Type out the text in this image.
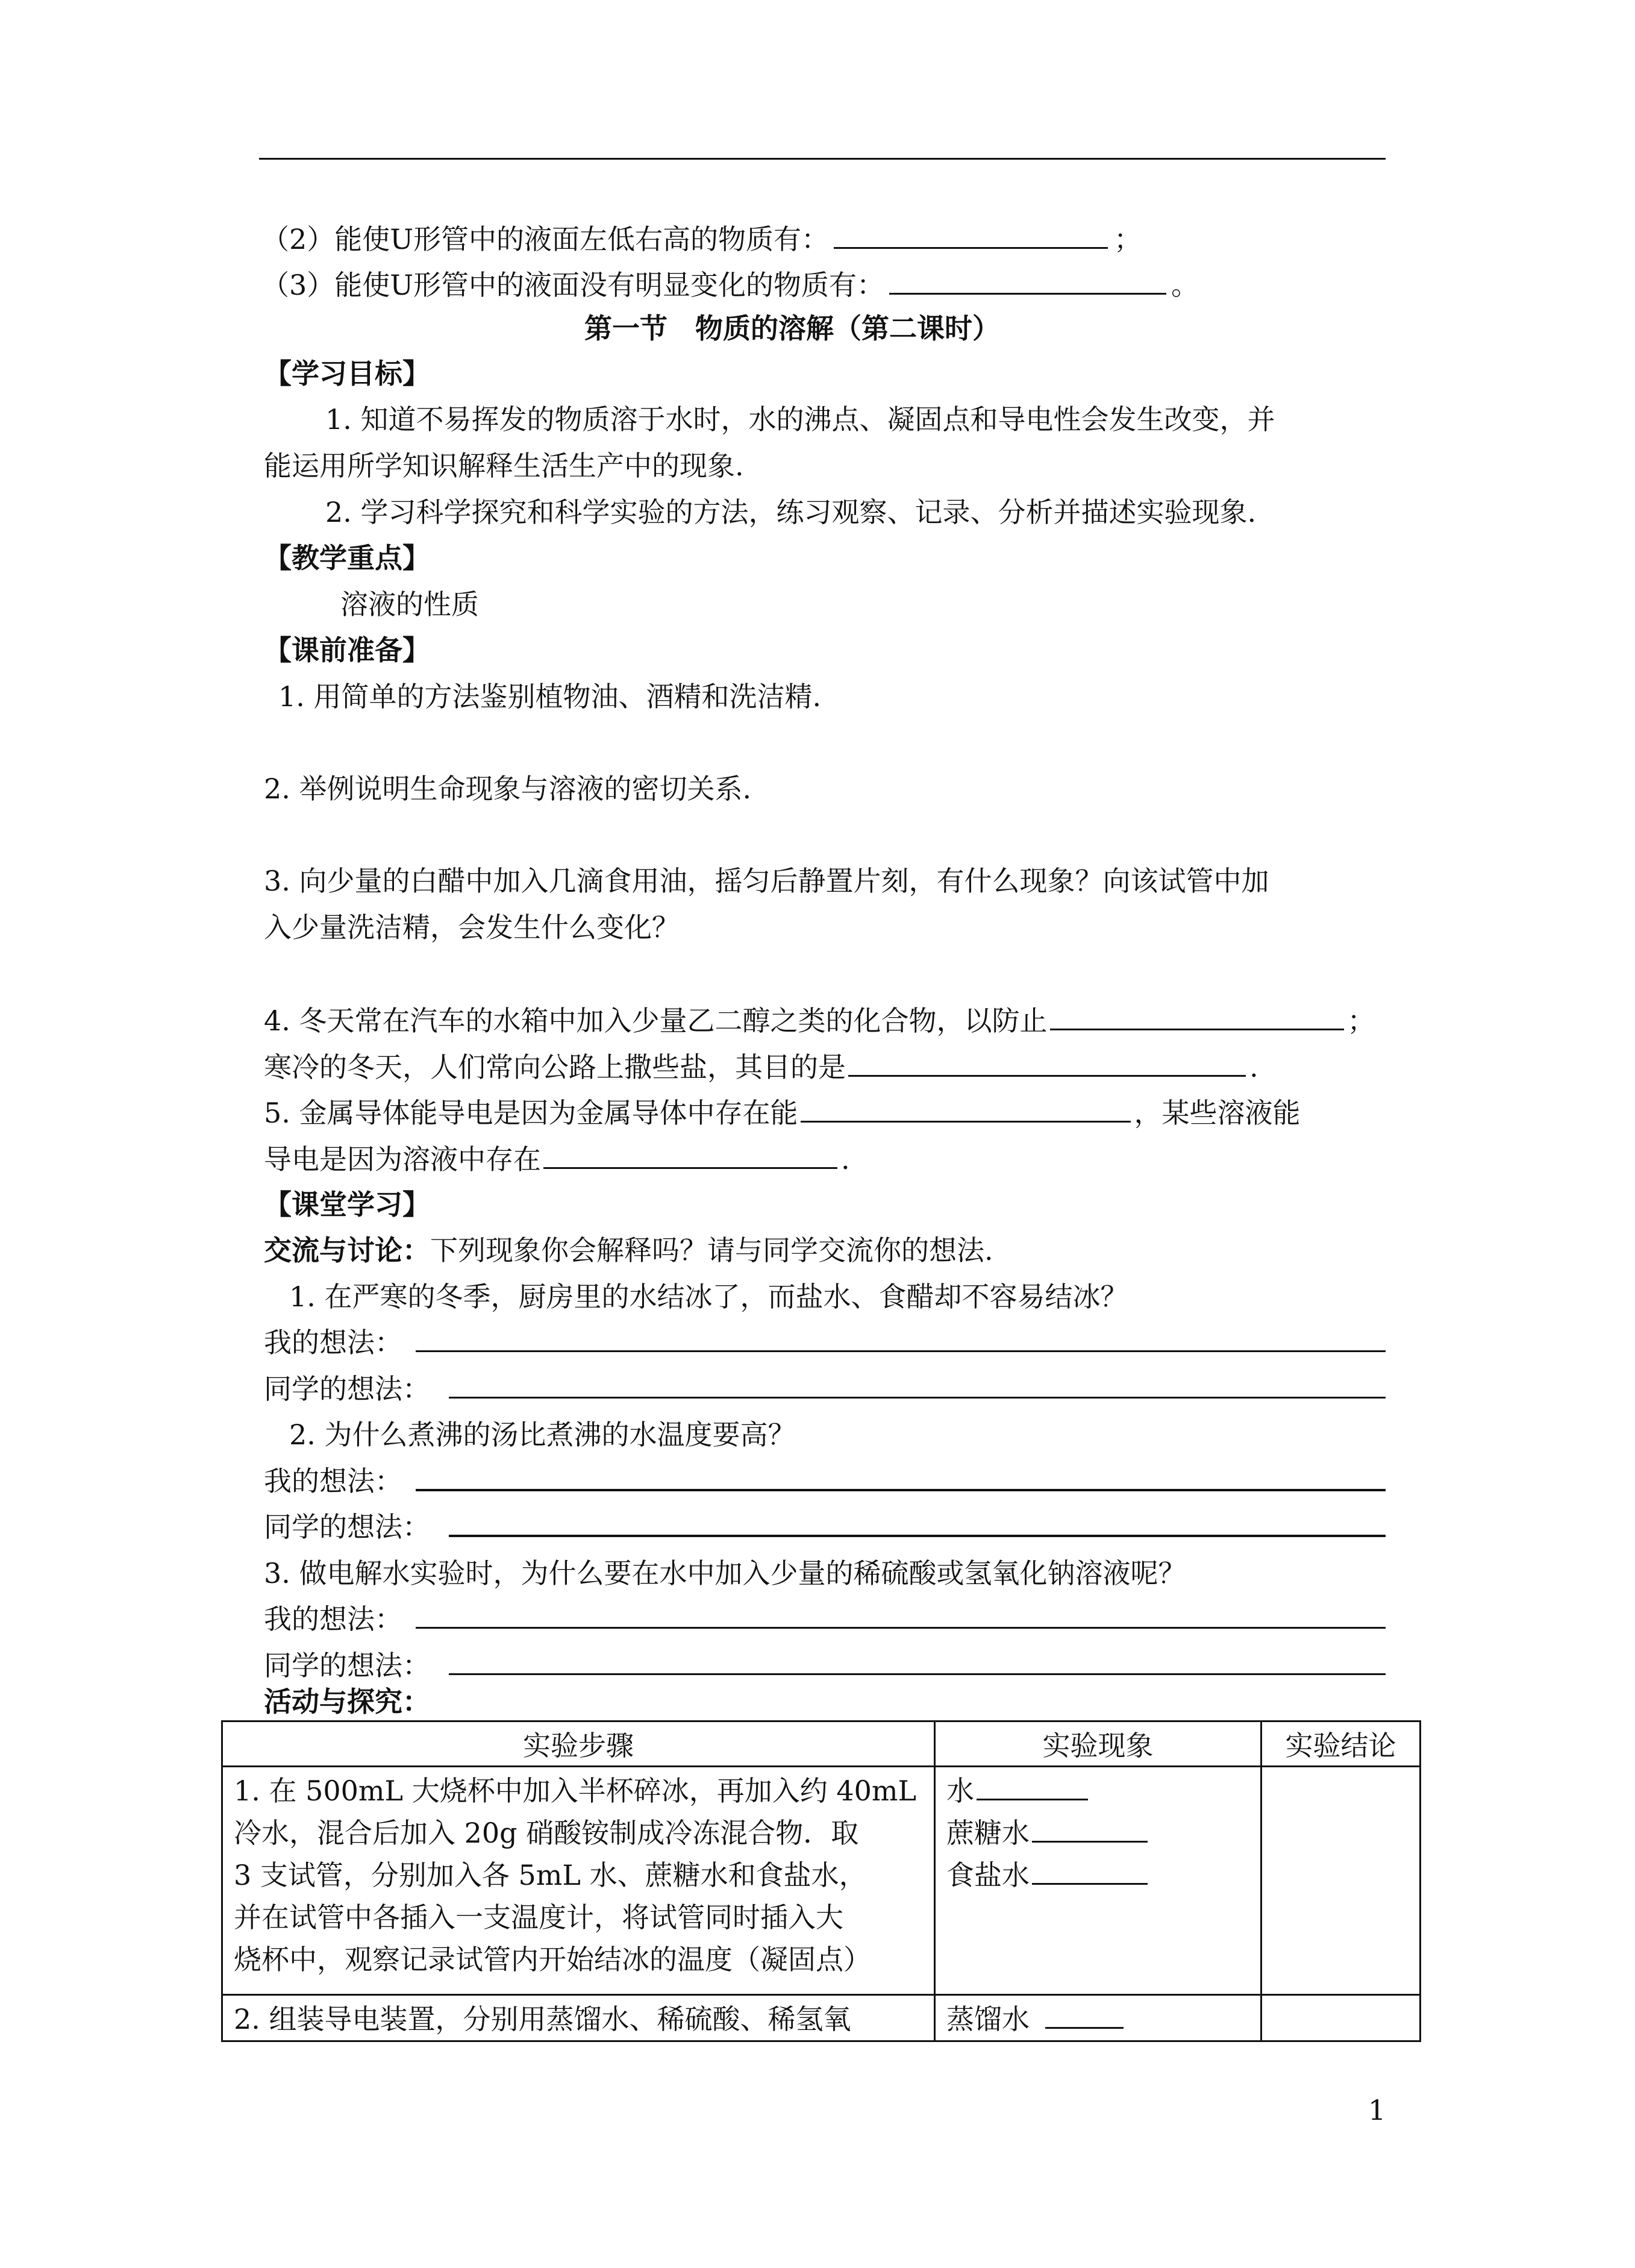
（2）能使U形管中的液面左低右高的物质有：	；
（3）能使U形管中的液面没有明显变化的物质有：	。
第一节　物质的溶解（第二课时）
【学习目标】
1. 知道不易挥发的物质溶于水时，水的沸点、凝固点和导电性会发生改变，并
能运用所学知识解释生活生产中的现象.
2. 学习科学探究和科学实验的方法，练习观察、记录、分析并描述实验现象.
【教学重点】
溶液的性质
【课前准备】
1. 用简单的方法鉴别植物油、酒精和洗洁精.
2. 举例说明生命现象与溶液的密切关系.
3. 向少量的白醋中加入几滴食用油，摇匀后静置片刻，有什么现象？向该试管中加
入少量洗洁精，会发生什么变化？
4. 冬天常在汽车的水箱中加入少量乙二醇之类的化合物，以防止	；
寒冷的冬天，人们常向公路上撒些盐，其目的是	.
5. 金属导体能导电是因为金属导体中存在能	，某些溶液能
导电是因为溶液中存在	.
【课堂学习】
交流与讨论：下列现象你会解释吗？请与同学交流你的想法.
1. 在严寒的冬季，厨房里的水结冰了，而盐水、食醋却不容易结冰？
我的想法：
同学的想法：
2. 为什么煮沸的汤比煮沸的水温度要高？
我的想法：
同学的想法：
3. 做电解水实验时，为什么要在水中加入少量的稀硫酸或氢氧化钠溶液呢？
我的想法：
同学的想法：
活动与探究：
实验步骤	实验现象	实验结论

1. 在 500mL 大烧杯中加入半杯碎冰，再加入约 40mL
冷水，混合后加入 20g 硝酸铵制成冷冻混合物．取
3 支试管，分别加入各 5mL 水、蔗糖水和食盐水，
并在试管中各插入一支温度计，将试管同时插入大
烧杯中，观察记录试管内开始结冰的温度（凝固点）	水
蔗糖水
食盐水	

2. 组装导电装置，分别用蒸馏水、稀硫酸、稀氢氧	蒸馏水	

1
